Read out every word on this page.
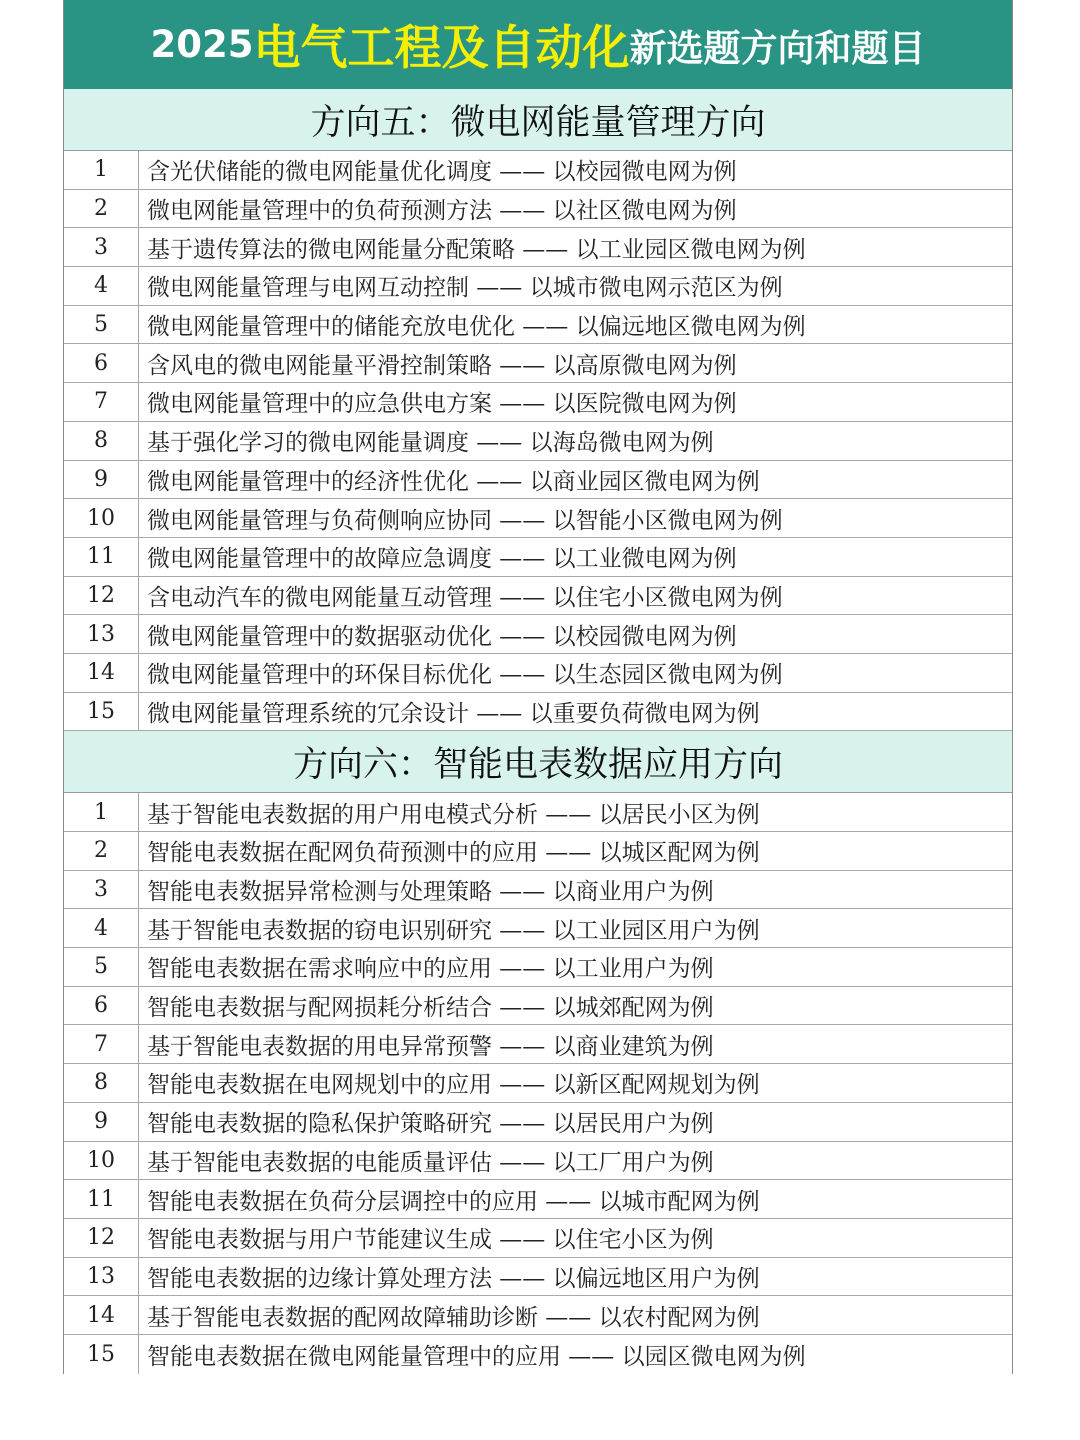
2025 电气工程及自动化 新选题方向和题目
方向五：微电网能量管理方向
1	含光伏储能的微电网能量优化调度 —— 以校园微电网为例
2	微电网能量管理中的负荷预测方法 —— 以社区微电网为例
3	基于遗传算法的微电网能量分配策略 —— 以工业园区微电网为例
4	微电网能量管理与电网互动控制 —— 以城市微电网示范区为例
5	微电网能量管理中的储能充放电优化 —— 以偏远地区微电网为例
6	含风电的微电网能量平滑控制策略 —— 以高原微电网为例
7	微电网能量管理中的应急供电方案 —— 以医院微电网为例
8	基于强化学习的微电网能量调度 —— 以海岛微电网为例
9	微电网能量管理中的经济性优化 —— 以商业园区微电网为例
10	微电网能量管理与负荷侧响应协同 —— 以智能小区微电网为例
11	微电网能量管理中的故障应急调度 —— 以工业微电网为例
12	含电动汽车的微电网能量互动管理 —— 以住宅小区微电网为例
13	微电网能量管理中的数据驱动优化 —— 以校园微电网为例
14	微电网能量管理中的环保目标优化 —— 以生态园区微电网为例
15	微电网能量管理系统的冗余设计 —— 以重要负荷微电网为例
方向六：智能电表数据应用方向
1	基于智能电表数据的用户用电模式分析 —— 以居民小区为例
2	智能电表数据在配网负荷预测中的应用 —— 以城区配网为例
3	智能电表数据异常检测与处理策略 —— 以商业用户为例
4	基于智能电表数据的窃电识别研究 —— 以工业园区用户为例
5	智能电表数据在需求响应中的应用 —— 以工业用户为例
6	智能电表数据与配网损耗分析结合 —— 以城郊配网为例
7	基于智能电表数据的用电异常预警 —— 以商业建筑为例
8	智能电表数据在电网规划中的应用 —— 以新区配网规划为例
9	智能电表数据的隐私保护策略研究 —— 以居民用户为例
10	基于智能电表数据的电能质量评估 —— 以工厂用户为例
11	智能电表数据在负荷分层调控中的应用 —— 以城市配网为例
12	智能电表数据与用户节能建议生成 —— 以住宅小区为例
13	智能电表数据的边缘计算处理方法 —— 以偏远地区用户为例
14	基于智能电表数据的配网故障辅助诊断 —— 以农村配网为例
15	智能电表数据在微电网能量管理中的应用 —— 以园区微电网为例
